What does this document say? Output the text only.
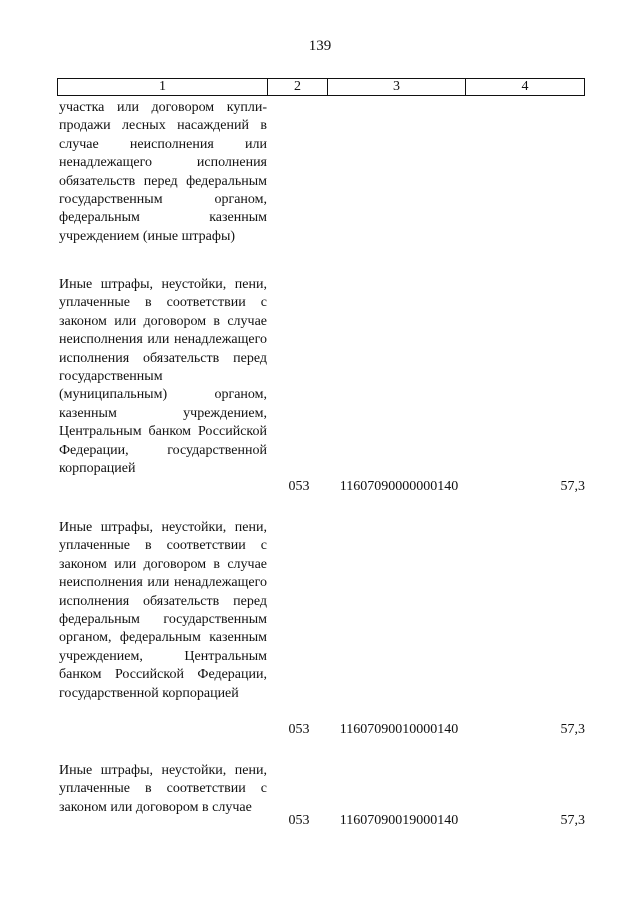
139
1	2	3	4
участка или договором купли-продажи лесных насаждений в случае неисполнения или ненадлежащего исполнения обязательств перед федеральным государственным органом, федеральным казенным учреждением (иные штрафы)
Иные штрафы, неустойки, пени, уплаченные в соответствии с законом или договором в случае неисполнения или ненадлежащего исполнения обязательств перед государственным (муниципальным) органом, казенным учреждением, Центральным банком Российской Федерации, государственной корпорацией
053	11607090000000140	57,3
Иные штрафы, неустойки, пени, уплаченные в соответствии с законом или договором в случае неисполнения или ненадлежащего исполнения обязательств перед федеральным государственным органом, федеральным казенным учреждением, Центральным банком Российской Федерации, государственной корпорацией
053	11607090010000140	57,3
Иные штрафы, неустойки, пени, уплаченные в соответствии с законом или договором в случае
053	11607090019000140	57,3
